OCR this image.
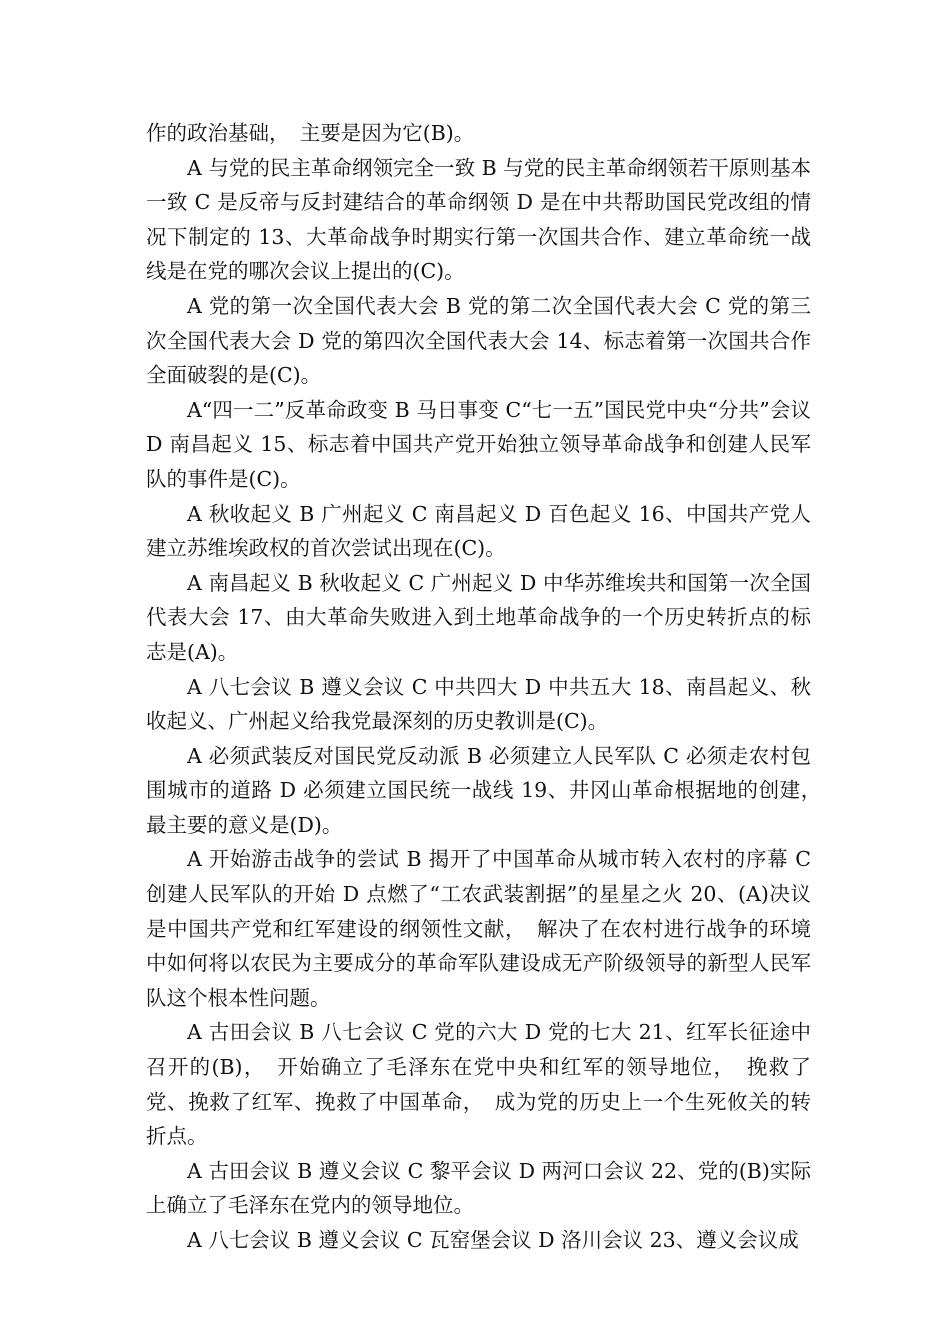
作的政治基础，　主要是因为它(B)。

A 与党的民主革命纲领完全一致 B 与党的民主革命纲领若干原则基本一致 C 是反帝与反封建结合的革命纲领 D 是在中共帮助国民党改组的情况下制定的 13、大革命战争时期实行第一次国共合作、建立革命统一战线是在党的哪次会议上提出的(C)。

A 党的第一次全国代表大会 B 党的第二次全国代表大会 C 党的第三次全国代表大会 D 党的第四次全国代表大会 14、标志着第一次国共合作全面破裂的是(C)。

A“四一二”反革命政变 B 马日事变 C“七一五”国民党中央“分共”会议 D 南昌起义 15、标志着中国共产党开始独立领导革命战争和创建人民军队的事件是(C)。

A 秋收起义 B 广州起义 C 南昌起义 D 百色起义 16、中国共产党人建立苏维埃政权的首次尝试出现在(C)。

A 南昌起义 B 秋收起义 C 广州起义 D 中华苏维埃共和国第一次全国代表大会 17、由大革命失败进入到土地革命战争的一个历史转折点的标志是(A)。

A 八七会议 B 遵义会议 C 中共四大 D 中共五大 18、南昌起义、秋收起义、广州起义给我党最深刻的历史教训是(C)。

A 必须武装反对国民党反动派 B 必须建立人民军队 C 必须走农村包围城市的道路 D 必须建立国民统一战线 19、井冈山革命根据地的创建，　最主要的意义是(D)。

A 开始游击战争的尝试 B 揭开了中国革命从城市转入农村的序幕 C 创建人民军队的开始 D 点燃了“工农武装割据”的星星之火 20、(A)决议是中国共产党和红军建设的纲领性文献，　解决了在农村进行战争的环境中如何将以农民为主要成分的革命军队建设成无产阶级领导的新型人民军队这个根本性问题。

A 古田会议 B 八七会议 C 党的六大 D 党的七大 21、红军长征途中召开的(B)，　开始确立了毛泽东在党中央和红军的领导地位，　挽救了党、挽救了红军、挽救了中国革命，　成为党的历史上一个生死攸关的转折点。

A 古田会议 B 遵义会议 C 黎平会议 D 两河口会议 22、党的(B)实际上确立了毛泽东在党内的领导地位。

A 八七会议 B 遵义会议 C 瓦窑堡会议 D 洛川会议 23、遵义会议成
